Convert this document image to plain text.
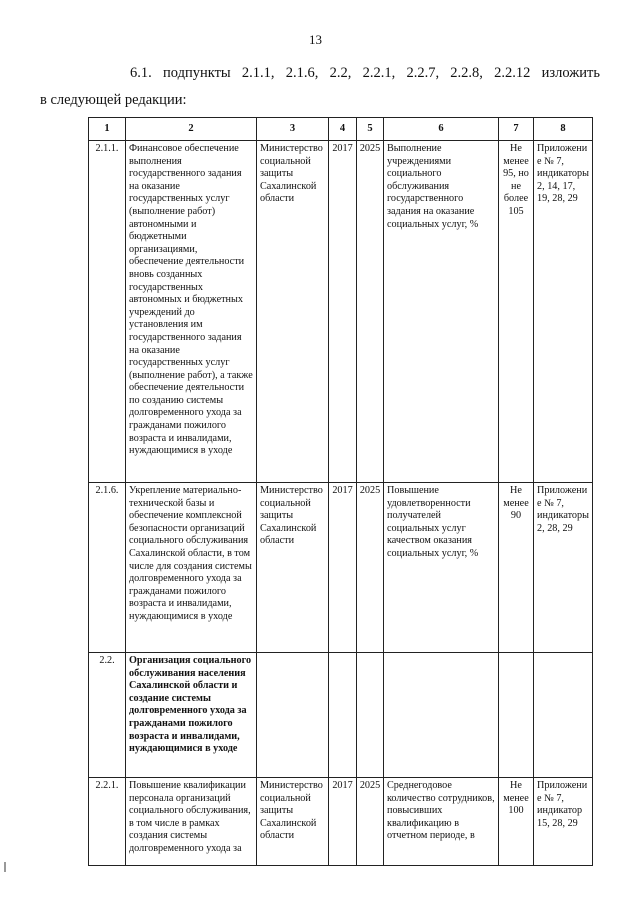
13
6.1. подпункты 2.1.1, 2.1.6, 2.2, 2.2.1, 2.2.7, 2.2.8, 2.2.12 изложить
в следующей редакции:
1	2	3	4	5	6	7	8
2.1.1.	Финансовое обеспечение выполнения государственного задания на оказание государственных услуг (выполнение работ) автономными и бюджетными организациями, обеспечение деятельности вновь созданных государственных автономных и бюджетных учреждений до установления им государственного задания на оказание государственных услуг (выполнение работ), а также обеспечение деятельности по созданию системы долговременного ухода за гражданами пожилого возраста и инвалидами, нуждающимися в уходе	Министерство социальной защиты Сахалинской области	2017	2025	Выполнение учреждениями социального обслуживания государственного задания на оказание социальных услуг, %	Не менее 95, но не более 105	Приложение № 7, индикаторы 2, 14, 17, 19, 28, 29
2.1.6.	Укрепление материально-технической базы и обеспечение комплексной безопасности организаций социального обслуживания Сахалинской области, в том числе для создания системы долговременного ухода за гражданами пожилого возраста и инвалидами, нуждающимися в уходе	Министерство социальной защиты Сахалинской области	2017	2025	Повышение удовлетворенности получателей социальных услуг качеством оказания социальных услуг, %	Не менее 90	Приложение № 7, индикаторы 2, 28, 29
2.2.	Организация социального обслуживания населения Сахалинской области и создание системы долговременного ухода за гражданами пожилого возраста и инвалидами, нуждающимися в уходе						
2.2.1.	Повышение квалификации персонала организаций социального обслуживания, в том числе в рамках создания системы долговременного ухода за	Министерство социальной защиты Сахалинской области	2017	2025	Среднегодовое количество сотрудников, повысивших квалификацию в отчетном периоде, в	Не менее 100	Приложение № 7, индикатор 15, 28, 29
